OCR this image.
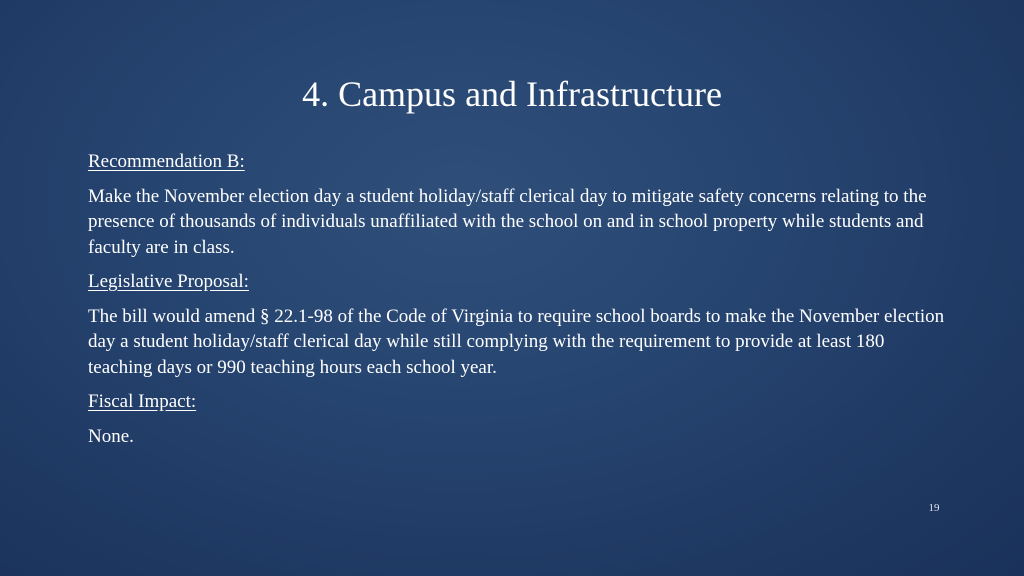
4. Campus and Infrastructure
Recommendation B:
Make the November election day a student holiday/staff clerical day to mitigate safety concerns relating to the presence of thousands of individuals unaffiliated with the school on and in school property while students and faculty are in class.
Legislative Proposal:
The bill would amend § 22.1-98 of the Code of Virginia to require school boards to make the November election day a student holiday/staff clerical day while still complying with the requirement to provide at least 180 teaching days or 990 teaching hours each school year.
Fiscal Impact:
None.
19
